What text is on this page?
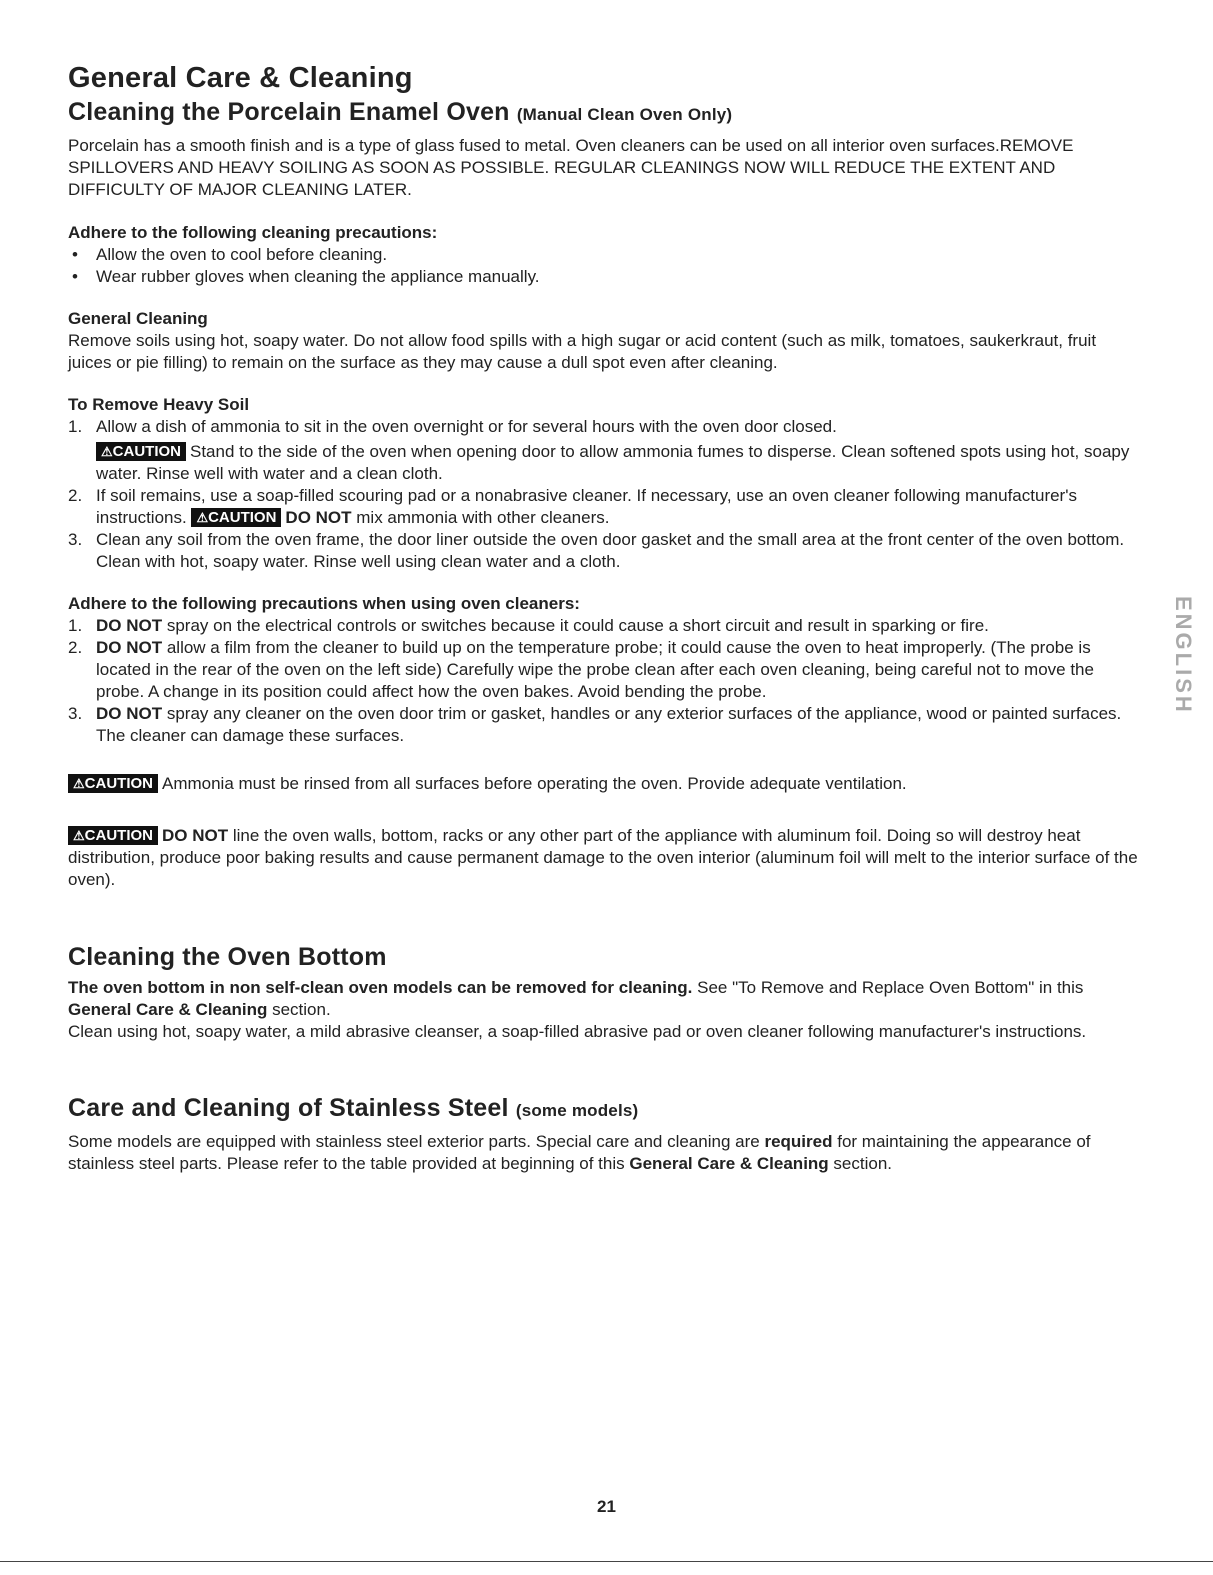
General Care & Cleaning
Cleaning the Porcelain Enamel Oven (Manual Clean Oven Only)

Porcelain has a smooth finish and is a type of glass fused to metal. Oven cleaners can be used on all interior oven surfaces.REMOVE SPILLOVERS AND HEAVY SOILING AS SOON AS POSSIBLE. REGULAR CLEANINGS NOW WILL REDUCE THE EXTENT AND DIFFICULTY OF MAJOR CLEANING LATER.

Adhere to the following cleaning precautions:

• Allow the oven to cool before cleaning.
• Wear rubber gloves when cleaning the appliance manually.

General Cleaning

Remove soils using hot, soapy water. Do not allow food spills with a high sugar or acid content (such as milk, tomatoes, saukerkraut, fruit juices or pie filling) to remain on the surface as they may cause a dull spot even after cleaning.

To Remove Heavy Soil

1. Allow a dish of ammonia to sit in the oven overnight or for several hours with the oven door closed.
⚠CAUTION Stand to the side of the oven when opening door to allow ammonia fumes to disperse. Clean softened spots using hot, soapy water. Rinse well with water and a clean cloth.
2. If soil remains, use a soap-filled scouring pad or a nonabrasive cleaner. If necessary, use an oven cleaner following manufacturer's instructions. ⚠CAUTION DO NOT mix ammonia with other cleaners.
3. Clean any soil from the oven frame, the door liner outside the oven door gasket and the small area at the front center of the oven bottom. Clean with hot, soapy water. Rinse well using clean water and a cloth.

Adhere to the following precautions when using oven cleaners:

1. DO NOT spray on the electrical controls or switches because it could cause a short circuit and result in sparking or fire.
2. DO NOT allow a film from the cleaner to build up on the temperature probe; it could cause the oven to heat improperly. (The probe is located in the rear of the oven on the left side) Carefully wipe the probe clean after each oven cleaning, being careful not to move the probe. A change in its position could affect how the oven bakes. Avoid bending the probe.
3. DO NOT spray any cleaner on the oven door trim or gasket, handles or any exterior surfaces of the appliance, wood or painted surfaces. The cleaner can damage these surfaces.

⚠CAUTION Ammonia must be rinsed from all surfaces before operating the oven. Provide adequate ventilation.

⚠CAUTION DO NOT line the oven walls, bottom, racks or any other part of the appliance with aluminum foil. Doing so will destroy heat distribution, produce poor baking results and cause permanent damage to the oven interior (aluminum foil will melt to the interior surface of the oven).

Cleaning the Oven Bottom

The oven bottom in non self-clean oven models can be removed for cleaning. See "To Remove and Replace Oven Bottom" in this General Care & Cleaning section.

Clean using hot, soapy water, a mild abrasive cleanser, a soap-filled abrasive pad or oven cleaner following manufacturer's instructions.

Care and Cleaning of Stainless Steel (some models)

Some models are equipped with stainless steel exterior parts. Special care and cleaning are required for maintaining the appearance of stainless steel parts. Please refer to the table provided at beginning of this General Care & Cleaning section.

ENGLISH
21
